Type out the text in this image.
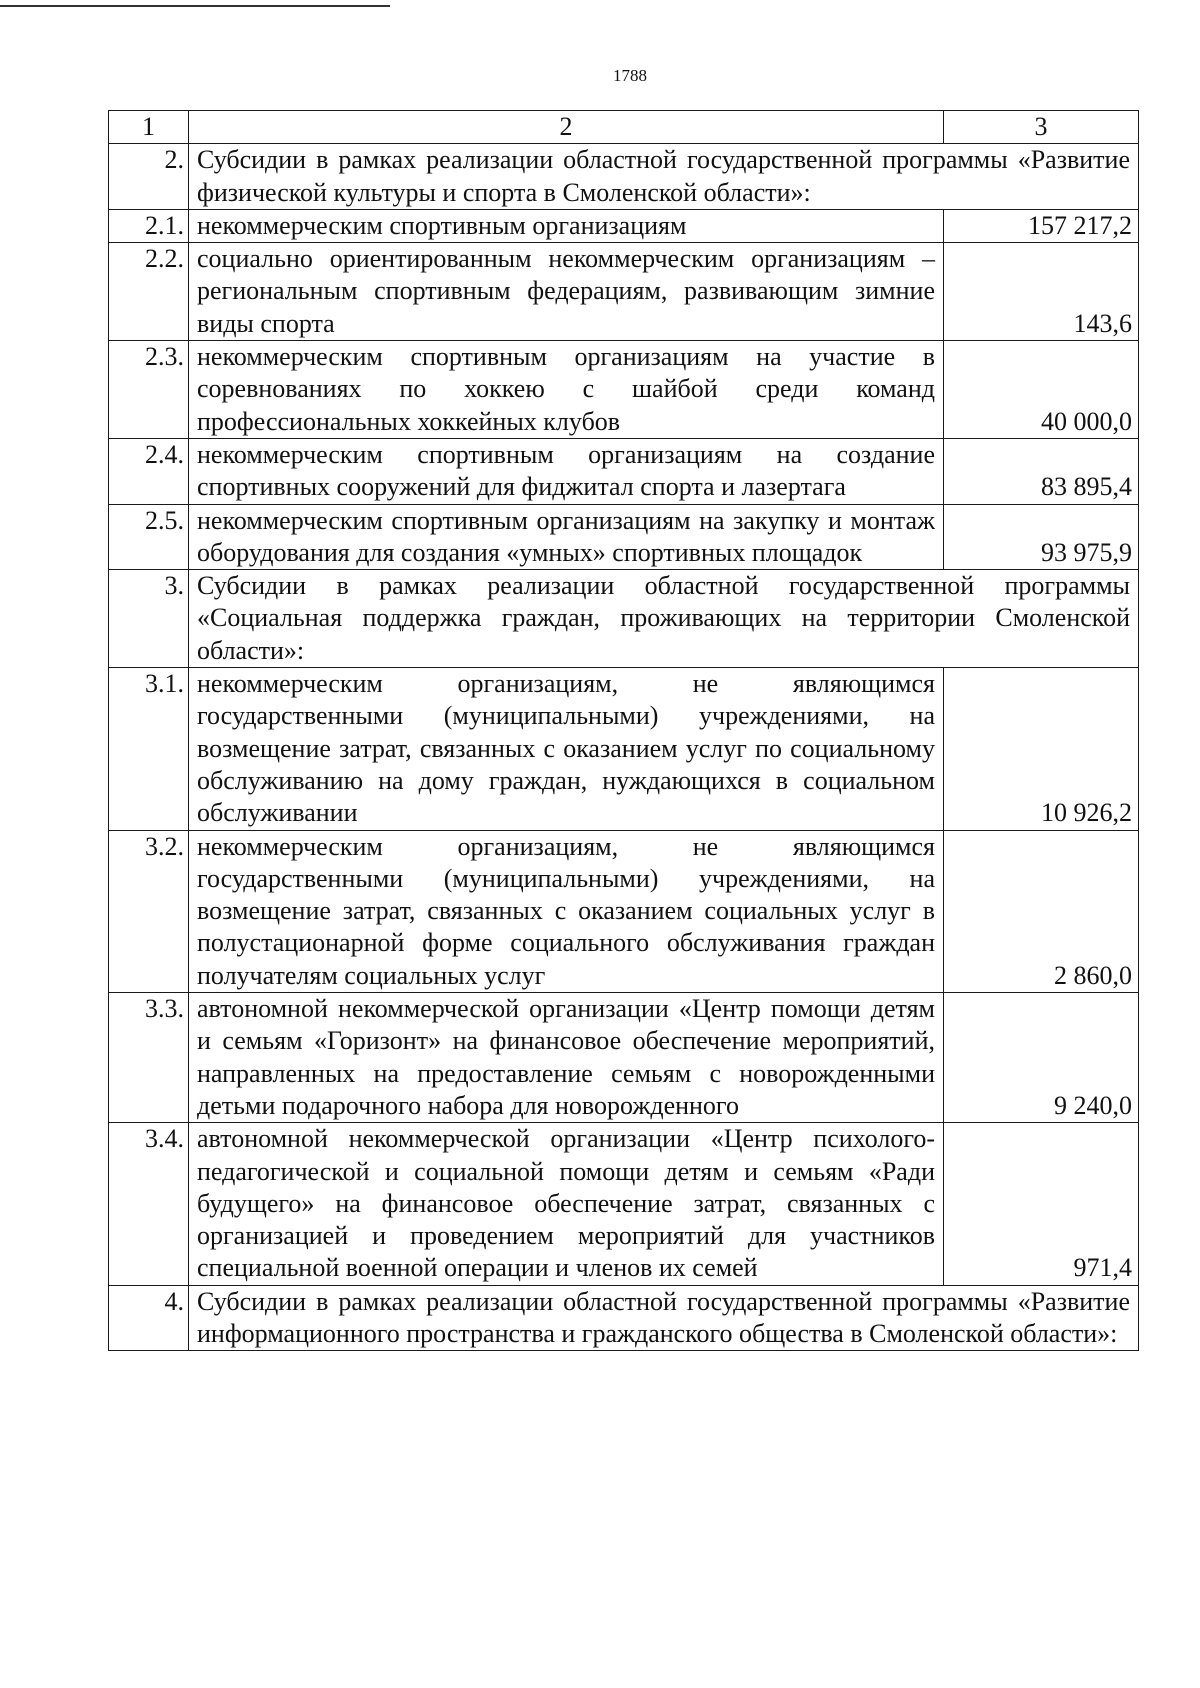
1788
1	2	3
2.	Субсидии в рамках реализации областной государственной программы «Развитие физической культуры и спорта в Смоленской области»:	
2.1.	некоммерческим спортивным организациям	157 217,2
2.2.	социально ориентированным некоммерческим организациям – региональным спортивным федерациям, развивающим зимние виды спорта	143,6
2.3.	некоммерческим спортивным организациям на участие в соревнованиях по хоккею с шайбой среди команд профессиональных хоккейных клубов	40 000,0
2.4.	некоммерческим спортивным организациям на создание спортивных сооружений для фиджитал спорта и лазертага	83 895,4
2.5.	некоммерческим спортивным организациям на закупку и монтаж оборудования для создания «умных» спортивных площадок	93 975,9
3.	Субсидии в рамках реализации областной государственной программы «Социальная поддержка граждан, проживающих на территории Смоленской области»:	
3.1.	некоммерческим организациям, не являющимся государственными (муниципальными) учреждениями, на возмещение затрат, связанных с оказанием услуг по социальному обслуживанию на дому граждан, нуждающихся в социальном обслуживании	10 926,2
3.2.	некоммерческим организациям, не являющимся государственными (муниципальными) учреждениями, на возмещение затрат, связанных с оказанием социальных услуг в полустационарной форме социального обслуживания граждан получателям социальных услуг	2 860,0
3.3.	автономной некоммерческой организации «Центр помощи детям и семьям «Горизонт» на финансовое обеспечение мероприятий, направленных на предоставление семьям с новорожденными детьми подарочного набора для новорожденного	9 240,0
3.4.	автономной некоммерческой организации «Центр психолого-педагогической и социальной помощи детям и семьям «Ради будущего» на финансовое обеспечение затрат, связанных с организацией и проведением мероприятий для участников специальной военной операции и членов их семей	971,4
4.	Субсидии в рамках реализации областной государственной программы «Развитие информационного пространства и гражданского общества в Смоленской области»:	
